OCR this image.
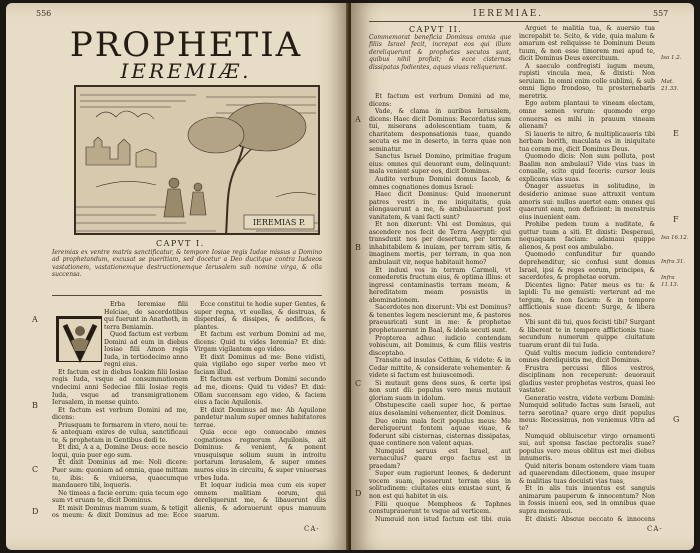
556
PROPHETIA
IEREMIÆ.
IEREMIAS P.
CAPVT I.
Ieremias ex ventre matris sanctificatur, & tempore Iosiae regis Iudae missus a Domino ad prophetandum, excusat se pueritiam, sed docetur a Deo ducitque contra Iudaeos vastationem, vastationemque destructionemque Ierusalem sub nomine virga, & olla succensa.

Erba Ieremiae filii Helciae, de sacerdotibus qui fuerunt in Anathoth, in terra Beniamin.

Quod factum est verbum Domini ad eum in diebus Iosiae filii Amon regis Iuda, in tertiodecimo anno regni eius.

Et factum est in diebus Ioakim filii Iosiae regis Iuda, vsque ad consummationem vndecimi anni Sedeciae filii Iosiae regis Iuda, vsque ad transmigrationem Ierusalem, in mense quinto.

Et factum est verbum Domini ad me, dicens:

Priusquam te formarem in vtero, noui te: & antequam exires de vulua, sanctificaui te, & prophetam in Gentibus dedi te.

Et dixi, A a a, Domine Deus: ecce nescio loqui, quia puer ego sum.

Et dixit Dominus ad me: Noli dicere: Puer sum: quoniam ad omnia, quae mittam te, ibis: & vniuersa, quaecumque mandauero tibi, loqueris.

Ne timeas a facie eorum: quia tecum ego sum vt eruam te, dicit Dominus.

Et misit Dominus manum suam, & tetigit os meum: & dixit Dominus ad me: Ecce

Ecce constitui te hodie super Gentes, & super regna, vt euellas, & destruas, & disperdas, & dissipes, & aedifices, & plantes.

Et factum est verbum Domini ad me, dicens: Quid tu vides Ieremia? Et dixi: Virgam vigilantem ego video.

Et dixit Dominus ad me: Bene vidisti, quia vigilabo ego super verbo meo vt faciam illud.

Et factum est verbum Domini secundo ad me, dicens: Quid tu vides? Et dixi: Ollam succensam ego video, & faciem eius a facie Aquilonis.

Et dixit Dominus ad me: Ab Aquilone pandetur malum super omnes habitatores terrae.

Quia ecce ego conuocabo omnes cognationes regnorum Aquilonis, ait Dominus: & venient, & ponent vnusquisque solium suum in introitu portarum Ierusalem, & super omnes muros eius in circuitu, & super vniuersas vrbes Iuda.

Et loquar iudicia mea cum eis super omnem malitiam eorum, qui dereliquerunt me, & libauerunt diis alienis, & adorauerunt opus manuum suarum.

A
B
C
D
CA-
IEREMIAE.	557
CAPVT II.
Commemorat beneficia Dominus omnia que filiis Israel fecit, increpat eos qui illum dereliquerunt & prophetas secutos sunt, quibus nihil profuit; & ecce cisternas dissipatas fodientes, aquas viuas reliquerunt.

Et factum est verbum Domini ad me, dicens:

Vade, & clama in auribus Ierusalem, dicens: Haec dicit Dominus: Recordatus sum tui, miserans adolescentiam tuam, & charitatem desponsationis tuae, quando secuta es me in deserto, in terra quae non seminatur.

Sanctus Israel Domino, primitiae frugum eius: omnes qui deuorant eum, delinquunt: mala venient super eos, dicit Dominus.

Audite verbum Domini domus Iacob, & omnes cognationes domus Israel:

Haec dicit Dominus: Quid inuenerunt patres vestri in me iniquitatis, quia elongauerunt a me, & ambulauerunt post vanitatem, & vani facti sunt?

Et non dixerunt: Vbi est Dominus, qui ascendere nos fecit de Terra Aegypti: qui transduxit nos per desertum, per terram inhabitabilem & inuiam, per terram sitis, & imaginem mortis, per terram, in qua non ambulauit vir, neque habitauit homo?

Et induxi vos in terram Carmeli, vt comederetis fructum eius, & optima illius: et ingressi contaminastis terram meam, & hereditatem meam posuistis in abominationem.

Sacerdotes non dixerunt: Vbi est Dominus? & tenentes legem nescierunt me, & pastores praeuaricati sunt in me: & prophetae prophetauerunt in Baal, & idola secuti sunt.

Propterea adhuc iudicio contendam vobiscum, ait Dominus, & cum filiis vestris disceptabo.

Transite ad insulas Cethim, & videte: & in Cedar mittite, & considerate vehementer: & videte si factum est huiuscemodi.

Si mutauit gens deos suos, & certe ipsi non sunt dii: populus vero meus mutauit gloriam suam in idolum.

Obstupescite caeli super hoc, & portae eius desolamini vehementer, dicit Dominus.

Duo enim mala fecit populus meus: Me dereliquerunt fontem aquae viuae, & foderunt sibi cisternas, cisternas dissipatas, quae continere non valent aquas.

Numquid seruus est Israel, aut vernaculus? quare ergo factus est in praedam?

Super eum rugierunt leones, & dederunt vocem suam, posuerunt terram eius in solitudinem: ciuitates eius exustae sunt, & non est qui habitet in eis.

Filii quoque Mempheos & Taphnes constuprauerunt te vsque ad verticem.

Numquid non istud factum est tibi, quia

Arguet te malitia tua, & auersio tua increpabit te. Scito, & vide, quia malum & amarum est reliquisse te Dominum Deum tuum, & non esse timorem mei apud te, dicit Dominus Deus exercituum.

A saeculo confregisti iugum meum, rupisti vincula mea, & dixisti: Non seruiam. In omni enim colle sublimi, & sub omni ligno frondoso, tu prosternebaris meretrix.

Ego autem plantaui te vineam electam, omne semen verum: quomodo ergo conuersa es mihi in prauum vineam alienam?

Si laueris te nitro, & multiplicaueris tibi herbam borith, maculata es in iniquitate tua coram me, dicit Dominus Deus.

Quomodo dicis: Non sum polluta, post Baalim non ambulaui? Vide vias tuas in conualle, scito quid feceris: cursor leuis explicans vias suas.

Onager assuetus in solitudine, in desiderio animae suae attraxit ventum amoris sui: nullus auertet eam: omnes qui quaerunt eam, non deficient: in menstruis eius inuenient eam.

Prohibe pedem tuum a nuditate, & guttur tuum a siti. Et dixisti: Desperaui, nequaquam faciam: adamaui quippe alienos, & post eos ambulabo.

Quomodo confunditur fur quando deprehenditur, sic confusi sunt domus Israel, ipsi & reges eorum, principes, & sacerdotes, & prophetae eorum.

Dicentes ligno: Pater meus es tu: & lapidi: Tu me genuisti: verterunt ad me tergum, & non faciem: & in tempore afflictionis suae dicent: Surge, & libera nos.

Vbi sunt dii tui, quos fecisti tibi? Surgant & liberent te in tempore afflictionis tuae: secundum numerum quippe ciuitatum tuarum erant dii tui Iuda.

Quid vultis mecum iudicio contendere? omnes dereliquistis me, dicit Dominus.

Frustra percussi filios vestros, disciplinam non receperunt: deuorauit gladius vester prophetas vestros, quasi leo vastator.

Generatio vestra, videte verbum Domini: Numquid solitudo factus sum Israeli, aut terra serotina? quare ergo dixit populus meus: Recessimus, non veniemus vltra ad te?

Numquid obliuiscetur virgo ornamenti sui, aut sponsa fasciae pectoralis suae? populus vero meus oblitus est mei diebus innumeris.

Quid niteris bonam ostendere viam tuam ad quaerendam dilectionem, quae insuper & malitias tuas docuisti vias tuas,

Et in alis tuis inuentus est sanguis animarum pauperum & innocentum? Non in fossis inueni eos, sed in omnibus quae supra memoraui.

Et dixisti: Absque peccato & innocens

Isa 1.2.
Mat. 21.33.
Isa 16.12.
Infra 31.
Infra 11.13.
A
B
C
D
E
F
G
CA-
